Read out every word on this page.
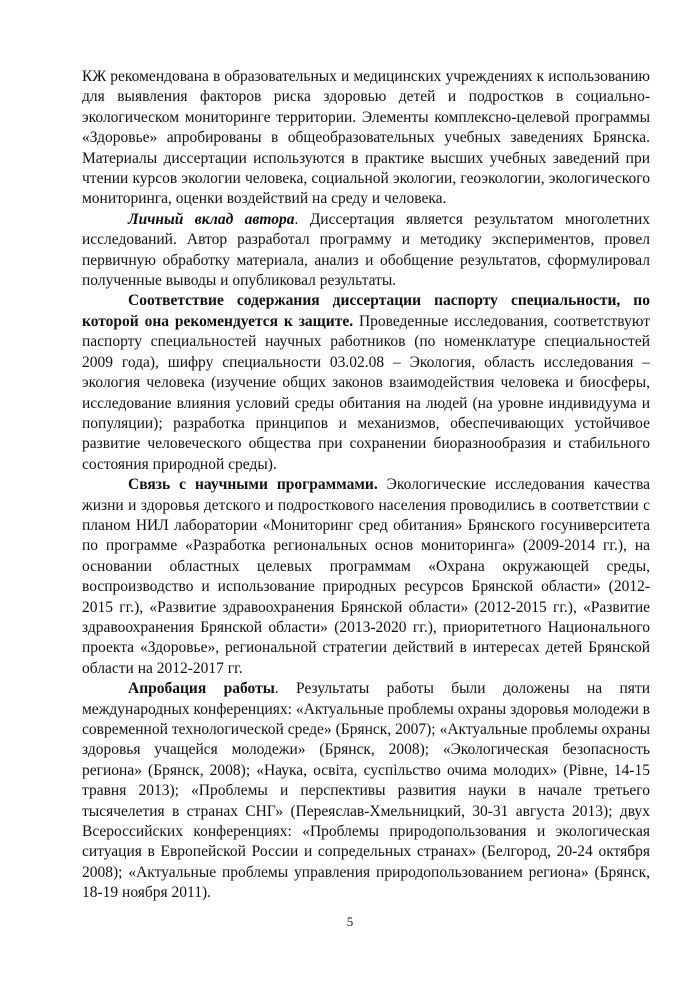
КЖ рекомендована в образовательных и медицинских учреждениях к использованию для выявления факторов риска здоровью детей и подростков в социально-экологическом мониторинге территории. Элементы комплексно-целевой программы «Здоровье» апробированы в общеобразовательных учебных заведениях Брянска. Материалы диссертации используются в практике высших учебных заведений при чтении курсов экологии человека, социальной экологии, геоэкологии, экологического мониторинга, оценки воздействий на среду и человека.

Личный вклад автора. Диссертация является результатом многолетних исследований. Автор разработал программу и методику экспериментов, провел первичную обработку материала, анализ и обобщение результатов, сформулировал полученные выводы и опубликовал результаты.

Соответствие содержания диссертации паспорту специальности, по которой она рекомендуется к защите. Проведенные исследования, соответствуют паспорту специальностей научных работников (по номенклатуре специальностей 2009 года), шифру специальности 03.02.08 – Экология, область исследования – экология человека (изучение общих законов взаимодействия человека и биосферы, исследование влияния условий среды обитания на людей (на уровне индивидуума и популяции); разработка принципов и механизмов, обеспечивающих устойчивое развитие человеческого общества при сохранении биоразнообразия и стабильного состояния природной среды).

Связь с научными программами. Экологические исследования качества жизни и здоровья детского и подросткового населения проводились в соответствии с планом НИЛ лаборатории «Мониторинг сред обитания» Брянского госуниверситета по программе «Разработка региональных основ мониторинга» (2009-2014 гг.), на основании областных целевых программам «Охрана окружающей среды, воспроизводство и использование природных ресурсов Брянской области» (2012-2015 гг.), «Развитие здравоохранения Брянской области» (2012-2015 гг.), «Развитие здравоохранения Брянской области» (2013-2020 гг.), приоритетного Национального проекта «Здоровье», региональной стратегии действий в интересах детей Брянской области на 2012-2017 гг.

Апробация работы. Результаты работы были доложены на пяти международных конференциях: «Актуальные проблемы охраны здоровья молодежи в современной технологической среде» (Брянск, 2007); «Актуальные проблемы охраны здоровья учащейся молодежи» (Брянск, 2008); «Экологическая безопасность региона» (Брянск, 2008); «Наука, освіта, суспільство очима молодих» (Рівне, 14-15 травня 2013); «Проблемы и перспективы развития науки в начале третьего тысячелетия в странах СНГ» (Переяслав-Хмельницкий, 30-31 августа 2013); двух Всероссийских конференциях: «Проблемы природопользования и экологическая ситуация в Европейской России и сопредельных странах» (Белгород, 20-24 октября 2008); «Актуальные проблемы управления природопользованием региона» (Брянск, 18-19 ноября 2011).

5
